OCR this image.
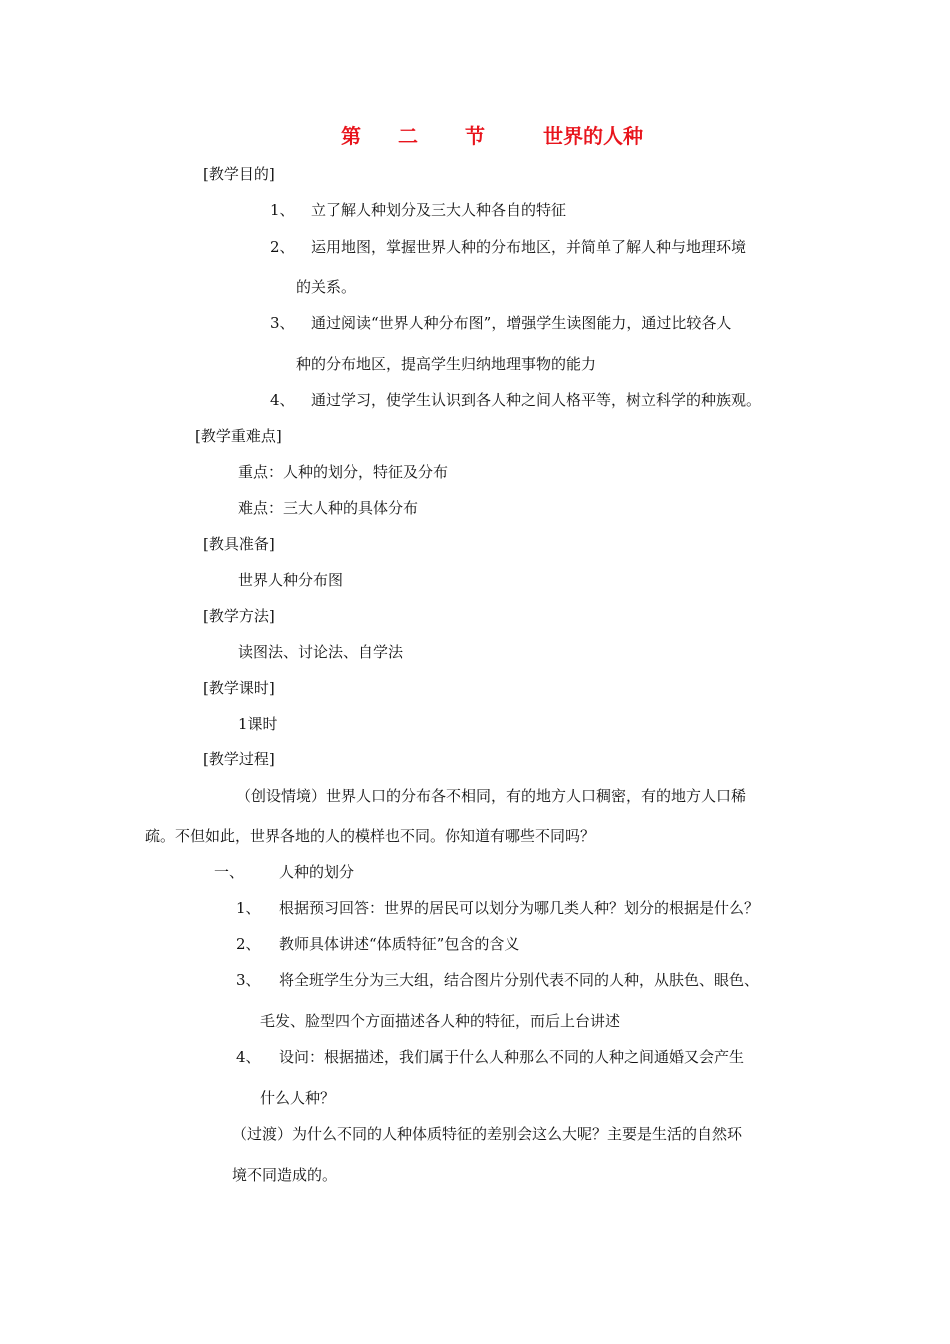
第 二 节	世界的人种
[教学目的]
1、 立了解人种划分及三大人种各自的特征
2、 运用地图，掌握世界人种的分布地区，并简单了解人种与地理环境
的关系。
3、 通过阅读“世界人种分布图”，增强学生读图能力，通过比较各人
种的分布地区，提高学生归纳地理事物的能力
4、 通过学习，使学生认识到各人种之间人格平等，树立科学的种族观。
[教学重难点]
重点：人种的划分，特征及分布
难点：三大人种的具体分布
[教具准备]
世界人种分布图
[教学方法]
读图法、讨论法、自学法
[教学课时]
1课时
[教学过程]
（创设情境）世界人口的分布各不相同，有的地方人口稠密，有的地方人口稀
疏。不但如此，世界各地的人的模样也不同。你知道有哪些不同吗？
一、 人种的划分
1、 根据预习回答：世界的居民可以划分为哪几类人种？划分的根据是什么？
2、 教师具体讲述“体质特征”包含的含义
3、 将全班学生分为三大组，结合图片分别代表不同的人种，从肤色、眼色、
毛发、脸型四个方面描述各人种的特征，而后上台讲述
4、 设问：根据描述，我们属于什么人种那么不同的人种之间通婚又会产生
什么人种？
（过渡）为什么不同的人种体质特征的差别会这么大呢？主要是生活的自然环
境不同造成的。
